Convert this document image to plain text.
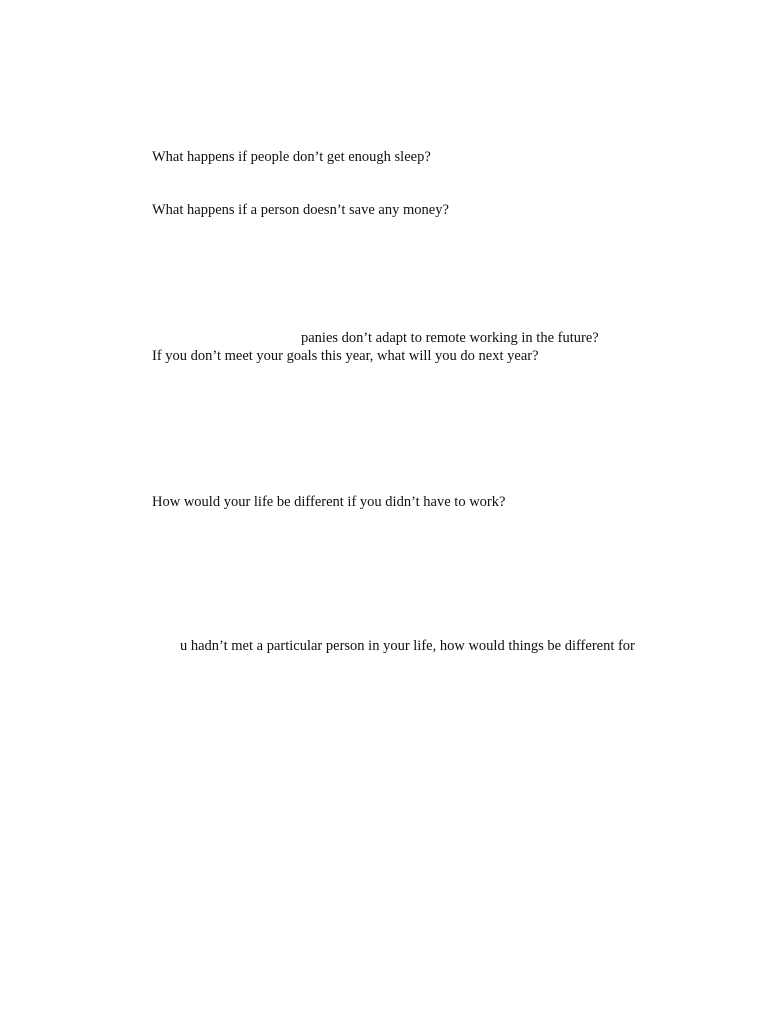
What happens if people don’t get enough sleep?
What happens if a person doesn’t save any money?
panies don’t adapt to remote working in the future?
If you don’t meet your goals this year, what will you do next year?
How would your life be different if you didn’t have to work?
u hadn’t met a particular person in your life, how would things be different for
